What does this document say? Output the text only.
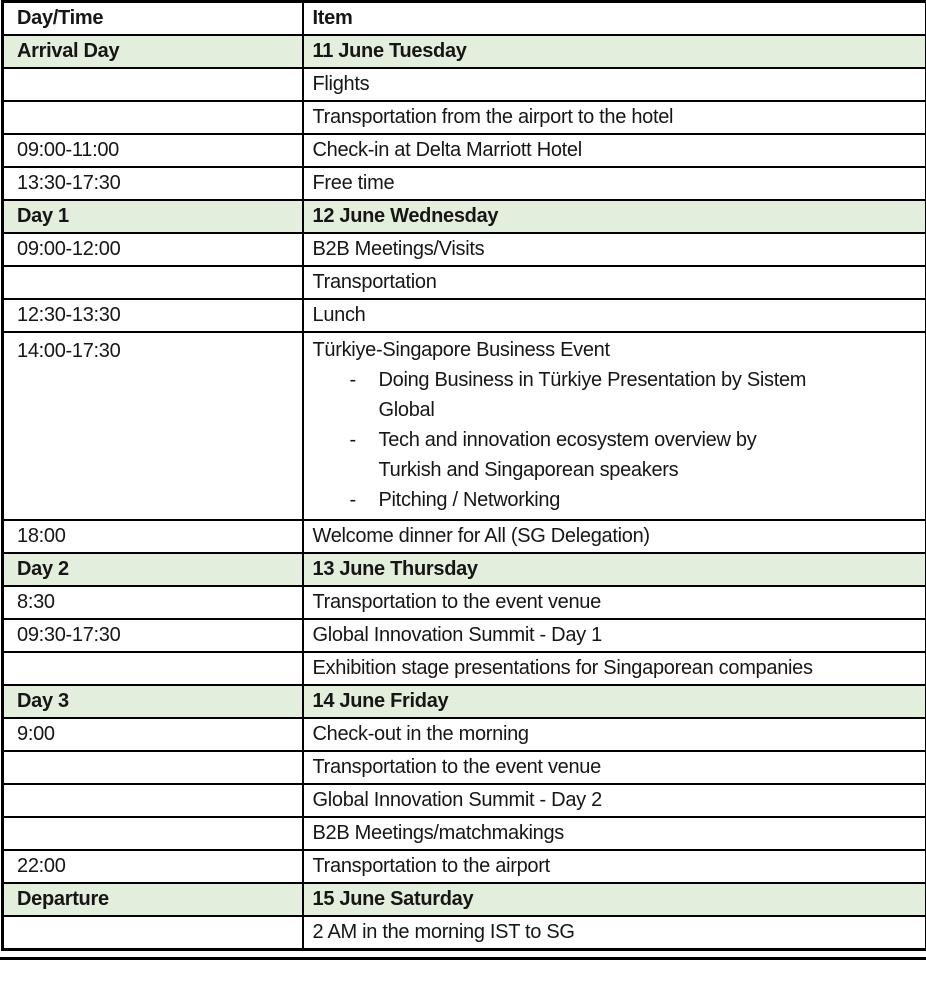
Day/Time	Item
Arrival Day	11 June Tuesday
	Flights
	Transportation from the airport to the hotel
09:00-11:00	Check-in at Delta Marriott Hotel
13:30-17:30	Free time
Day 1	12 June Wednesday
09:00-12:00	B2B Meetings/Visits
	Transportation
12:30-13:30	Lunch
14:00-17:30	Türkiye-Singapore Business Event
-	Doing Business in Türkiye Presentation by Sistem
Global
-	Tech and innovation ecosystem overview by
Turkish and Singaporean speakers
-	Pitching / Networking

18:00	Welcome dinner for All (SG Delegation)
Day 2	13 June Thursday
8:30	Transportation to the event venue
09:30-17:30	Global Innovation Summit - Day 1
	Exhibition stage presentations for Singaporean companies
Day 3	14 June Friday
9:00	Check-out in the morning
	Transportation to the event venue
	Global Innovation Summit - Day 2
	B2B Meetings/matchmakings
22:00	Transportation to the airport
Departure	15 June Saturday
	2 AM in the morning IST to SG
